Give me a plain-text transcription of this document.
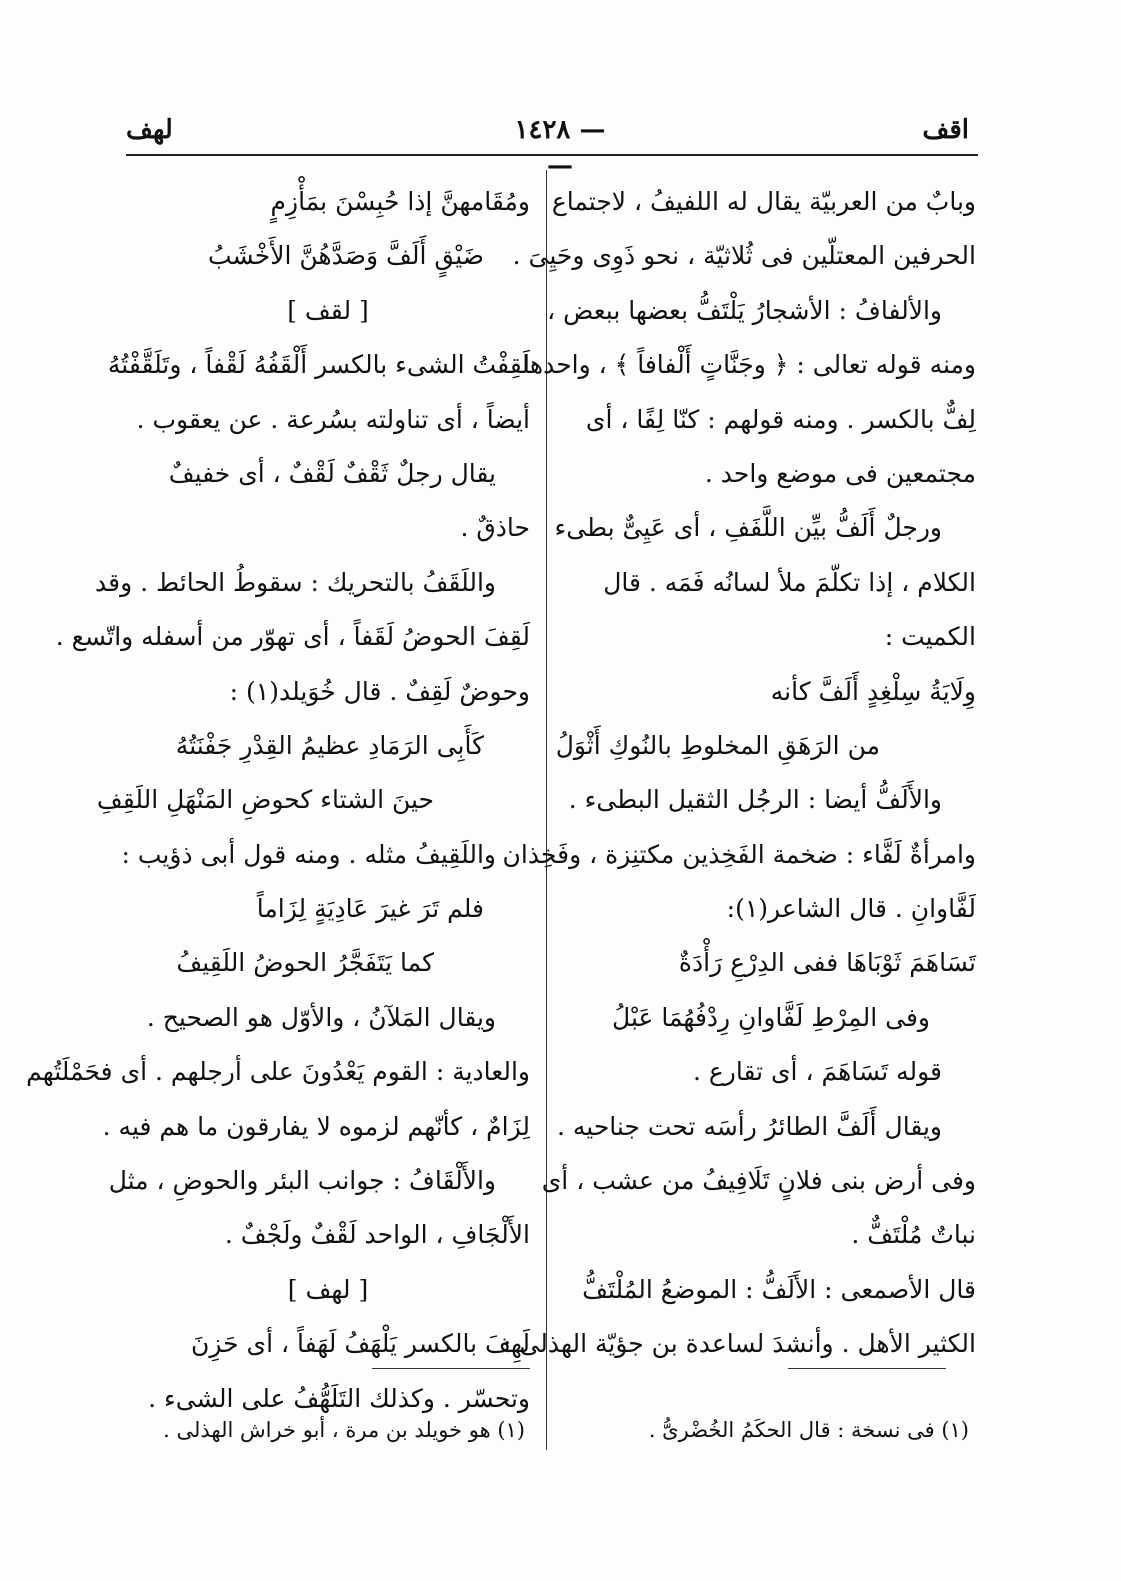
اقف
— ١٤٢٨ —
لهف
وبابٌ من العربيّة يقال له اللفيفُ ، لاجتماع
الحرفين المعتلّين فى ثُلاثيّة ، نحو ذَوِى وحَيِىَ .
والألفافُ : الأشجارُ يَلْتَفُّ بعضها ببعض ،
ومنه قوله تعالى : ﴿ وجَنَّاتٍ أَلْفافاً ﴾ ، واحدها
لِفٌّ بالكسر . ومنه قولهم : كنّا لِفًا ، أى
مجتمعين فى موضع واحد .
ورجلٌ أَلَفُّ بيِّن اللَّفَفِ ، أى عَيِىٌّ بطىء
الكلام ، إذا تكلّمَ ملأ لسانُه فَمَه . قال
الكميت :
وِلَايَةُ سِلْغِدٍ أَلَفَّ كأنه
من الرَهَقِ المخلوطِ بالنُوكِ أَثْوَلُ
والأَلَفُّ أيضا : الرجُل الثقيل البطىء .
وامرأةٌ لَفَّاء : ضخمة الفَخِذين مكتنِزة ، وفَخِذان
لَفَّاوانِ . قال الشاعر(١):
تَسَاهَمَ ثَوْبَاهَا ففى الدِرْعِ رَأْدَةٌ
وفى المِرْطِ لَفَّاوانِ رِدْفُهُمَا عَبْلُ
قوله تَسَاهَمَ ، أى تقارع .
ويقال أَلَفَّ الطائرُ رأسَه تحت جناحيه .
وفى أرض بنى فلانٍ تَلَافِيفُ من عشب ، أى
نباتٌ مُلْتَفٌّ .
قال الأصمعى : الأَلَفُّ : الموضعُ المُلْتَفُّ
الكثير الأهل . وأنشدَ لساعدة بن جؤيّة الهذلى :
ومُقَامهنَّ إذا حُبِسْنَ بمَأْزِمٍ
ضَيْقٍ أَلَفَّ وَصَدَّهُنَّ الأَخْشَبُ
[ لقف ]
لَقِفْتُ الشىء بالكسر أَلْقَفُهُ لَقْفاً ، وتَلَقَّفْتُهُ
أيضاً ، أى تناولته بسُرعة . عن يعقوب .
يقال رجلٌ ثَقْفٌ لَقْفٌ ، أى خفيفٌ
حاذقٌ .
واللَقَفُ بالتحريك : سقوطُ الحائط . وقد
لَقِفَ الحوضُ لَقَفاً ، أى تهوّر من أسفله واتّسع .
وحوضٌ لَقِفٌ . قال خُوَيلد(١) :
كَأَبِى الرَمَادِ عظيمُ القِدْرِ جَفْنَتُهُ
حينَ الشتاء كحوضِ المَنْهَلِ اللَقِفِ
واللَقِيفُ مثله . ومنه قول أبى ذؤيب :
فلم تَرَ غيرَ عَادِيَةٍ لِزَاماً
كما يَتَفَجَّرُ الحوضُ اللَقِيفُ
ويقال المَلآنُ ، والأوّل هو الصحيح .
والعادية : القوم يَعْدُونَ على أرجلهم . أى فحَمْلَتُهم
لِزَامٌ ، كأنّهم لزموه لا يفارقون ما هم فيه .
والأَلْقَافُ : جوانب البئر والحوضِ ، مثل
الأَلْجَافِ ، الواحد لَقْفٌ ولَجْفٌ .
[ لهف ]
لَهِفَ بالكسر يَلْهَفُ لَهَفاً ، أى حَزِنَ
وتحسّر . وكذلك التَلَهُّفُ على الشىء .
(١) فى نسخة : قال الحكَمُ الخُضْرىُّ .
(١) هو خويلد بن مرة ، أبو خراش الهذلى .
